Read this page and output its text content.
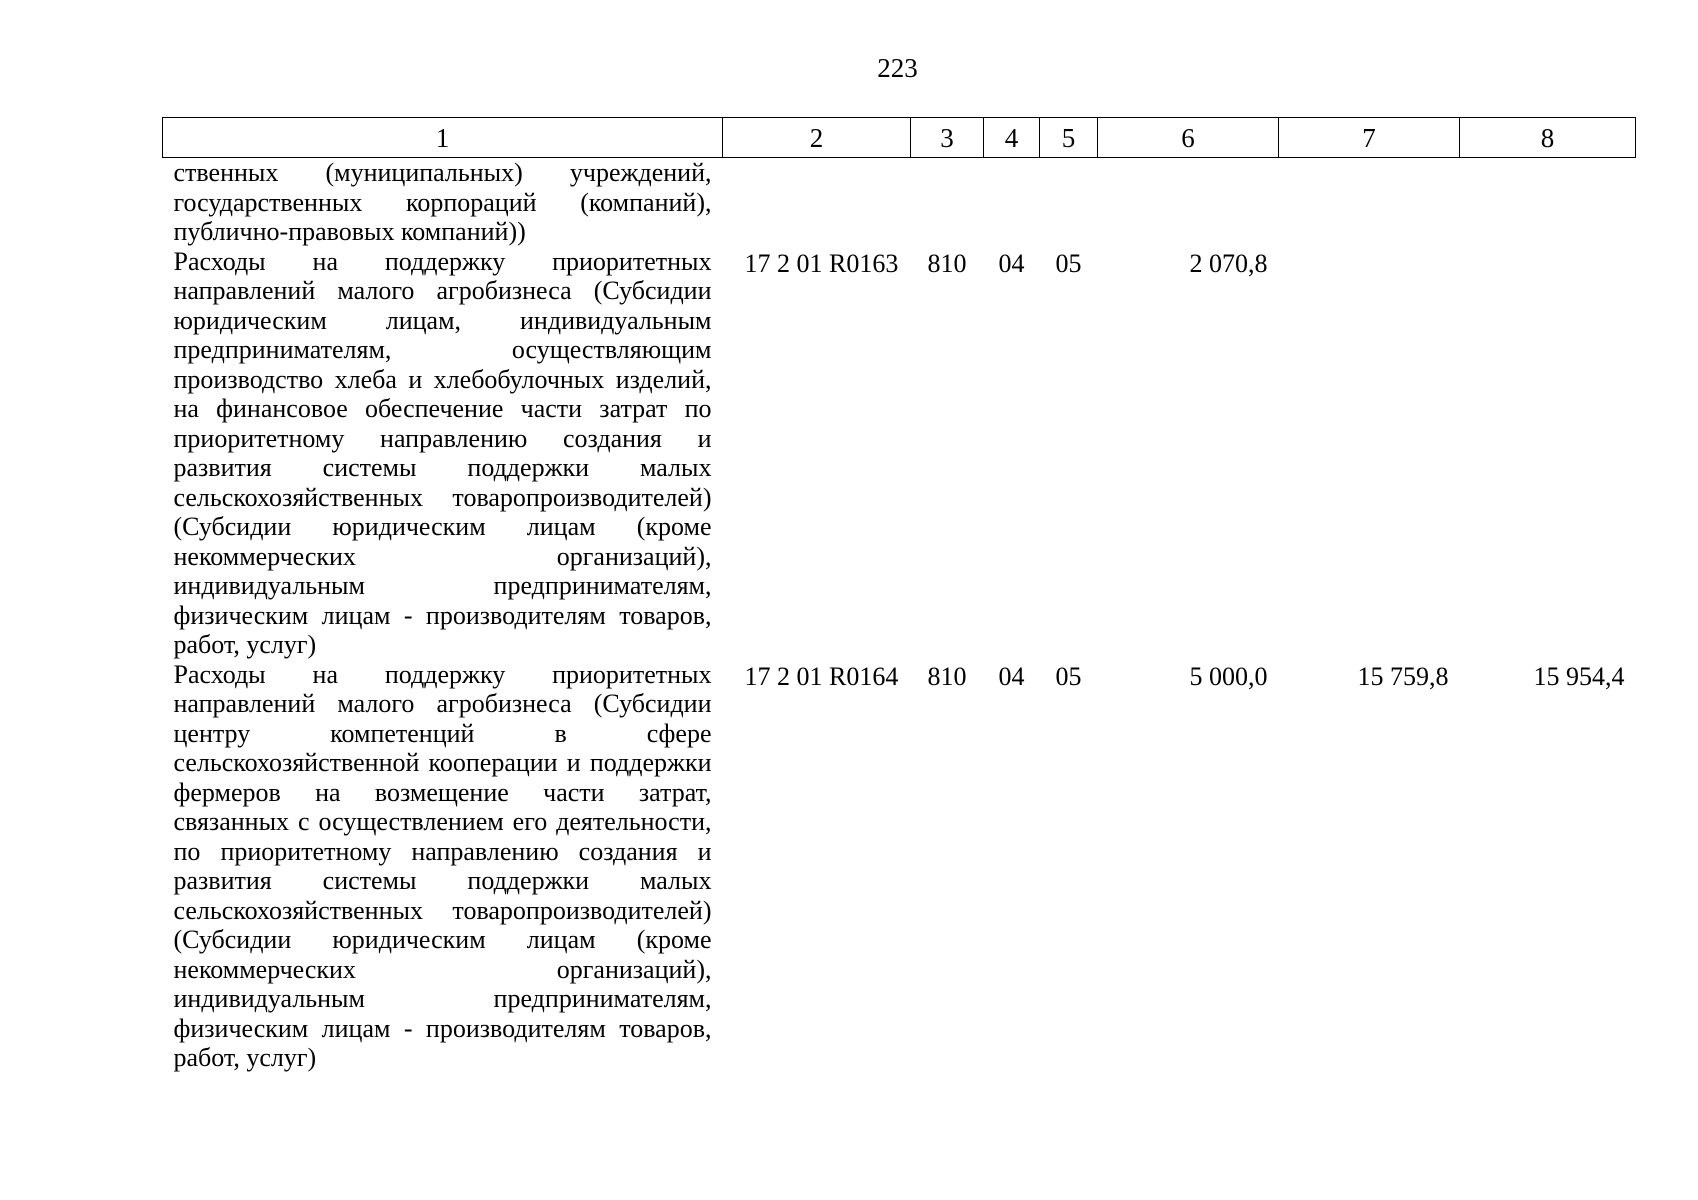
223
1	2	3	4	5	6	7	8
ственных (муниципальных) учреждений, государственных корпораций (компаний), публично-правовых компаний))							
Расходы на поддержку приоритетных направлений малого агробизнеса (Субсидии юридическим лицам, индивидуальным предпринимателям, осуществляющим производство хлеба и хлебобулочных изделий, на финансовое обеспечение части затрат по приоритетному направлению создания и развития системы поддержки малых сельскохозяйственных товаропроизводителей) (Субсидии юридическим лицам (кроме некоммерческих организаций), индивидуальным предпринимателям, физическим лицам - производителям товаров, работ, услуг)	17 2 01 R0163	810	04	05	2 070,8		
Расходы на поддержку приоритетных направлений малого агробизнеса (Субсидии центру компетенций в сфере сельскохозяйственной кооперации и поддержки фермеров на возмещение части затрат, связанных с осуществлением его деятельности, по приоритетному направлению создания и развития системы поддержки малых сельскохозяйственных товаропроизводителей) (Субсидии юридическим лицам (кроме некоммерческих организаций), индивидуальным предпринимателям, физическим лицам - производителям товаров, работ, услуг)	17 2 01 R0164	810	04	05	5 000,0	15 759,8	15 954,4
